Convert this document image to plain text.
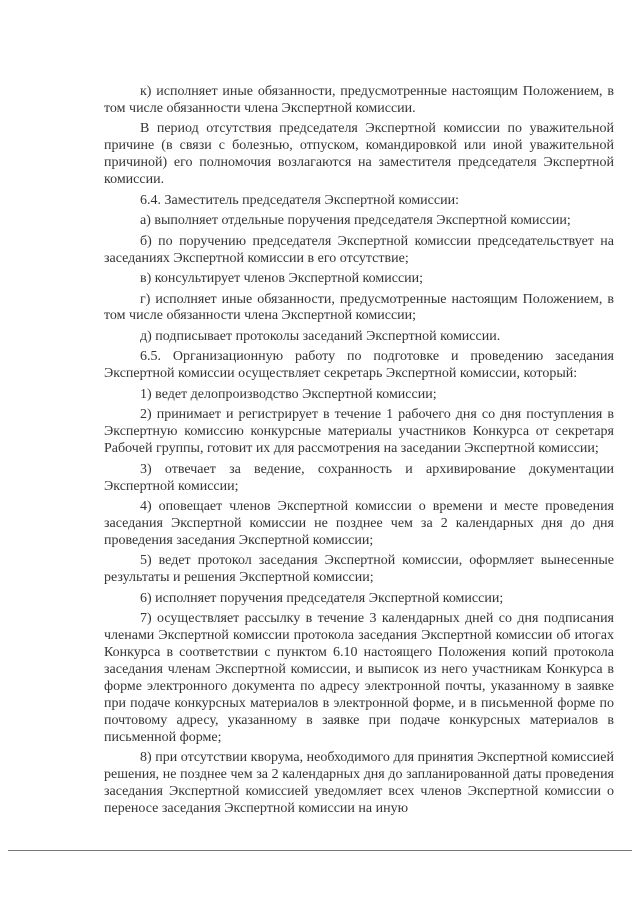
к) исполняет иные обязанности, предусмотренные настоящим Положением, в том числе обязанности члена Экспертной комиссии.

В период отсутствия председателя Экспертной комиссии по уважительной причине (в связи с болезнью, отпуском, командировкой или иной уважительной причиной) его полномочия возлагаются на заместителя председателя Экспертной комиссии.

6.4. Заместитель председателя Экспертной комиссии:

а) выполняет отдельные поручения председателя Экспертной комиссии;

б) по поручению председателя Экспертной комиссии председательствует на заседаниях Экспертной комиссии в его отсутствие;

в) консультирует членов Экспертной комиссии;

г) исполняет иные обязанности, предусмотренные настоящим Положением, в том числе обязанности члена Экспертной комиссии;

д) подписывает протоколы заседаний Экспертной комиссии.

6.5. Организационную работу по подготовке и проведению заседания Экспертной комиссии осуществляет секретарь Экспертной комиссии, который:

1) ведет делопроизводство Экспертной комиссии;

2) принимает и регистрирует в течение 1 рабочего дня со дня поступления в Экспертную комиссию конкурсные материалы участников Конкурса от секретаря Рабочей группы, готовит их для рассмотрения на заседании Экспертной комиссии;

3) отвечает за ведение, сохранность и архивирование документации Экспертной комиссии;

4) оповещает членов Экспертной комиссии о времени и месте проведения заседания Экспертной комиссии не позднее чем за 2 календарных дня до дня проведения заседания Экспертной комиссии;

5) ведет протокол заседания Экспертной комиссии, оформляет вынесенные результаты и решения Экспертной комиссии;

6) исполняет поручения председателя Экспертной комиссии;

7) осуществляет рассылку в течение 3 календарных дней со дня подписания членами Экспертной комиссии протокола заседания Экспертной комиссии об итогах Конкурса в соответствии с пунктом 6.10 настоящего Положения копий протокола заседания членам Экспертной комиссии, и выписок из него участникам Конкурса в форме электронного документа по адресу электронной почты, указанному в заявке при подаче конкурсных материалов в электронной форме, и в письменной форме по почтовому адресу, указанному в заявке при подаче конкурсных материалов в письменной форме;

8) при отсутствии кворума, необходимого для принятия Экспертной комиссией решения, не позднее чем за 2 календарных дня до запланированной даты проведения заседания Экспертной комиссией уведомляет всех членов Экспертной комиссии о переносе заседания Экспертной комиссии на иную
